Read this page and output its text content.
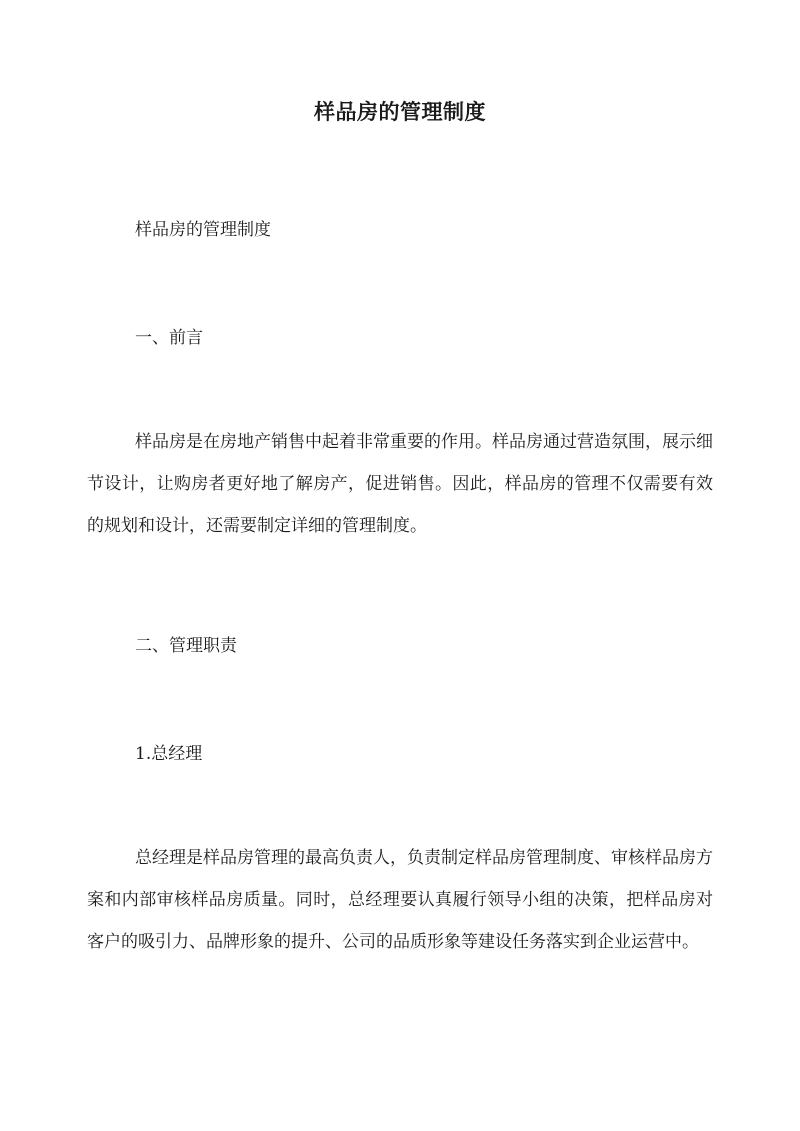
样品房的管理制度

样品房的管理制度

一、前言

样品房是在房地产销售中起着非常重要的作用。样品房通过营造氛围，展示细节设计，让购房者更好地了解房产，促进销售。因此，样品房的管理不仅需要有效的规划和设计，还需要制定详细的管理制度。

二、管理职责

1.总经理

总经理是样品房管理的最高负责人，负责制定样品房管理制度、审核样品房方案和内部审核样品房质量。同时，总经理要认真履行领导小组的决策，把样品房对客户的吸引力、品牌形象的提升、公司的品质形象等建设任务落实到企业运营中。
